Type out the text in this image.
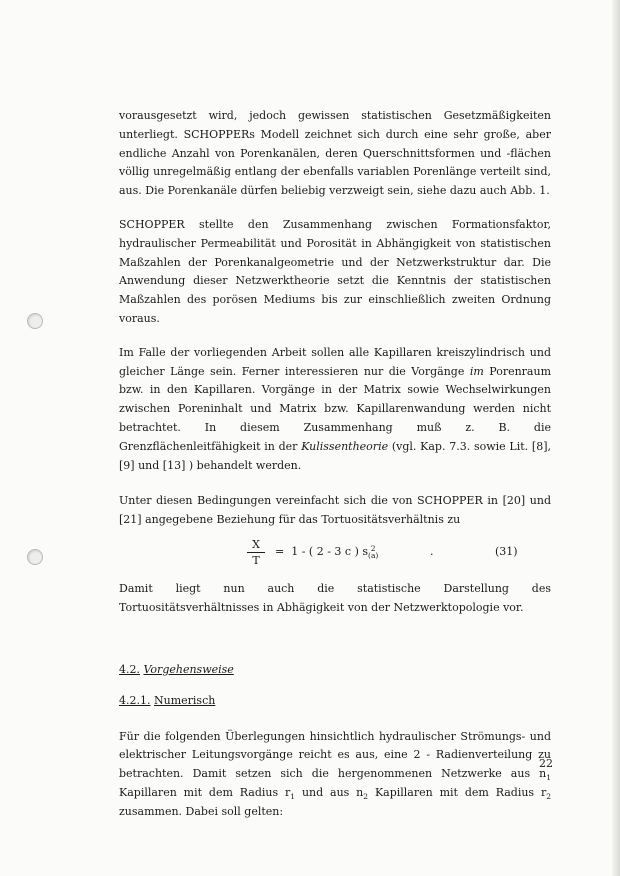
vorausgesetzt wird, jedoch gewissen statistischen Gesetzmäßigkeiten unterliegt. SCHOPPERs Modell zeichnet sich durch eine sehr große, aber endliche Anzahl von Porenkanälen, deren Querschnittsformen und -flächen völlig unregelmäßig entlang der ebenfalls variablen Porenlänge verteilt sind, aus. Die Porenkanäle dürfen beliebig verzweigt sein, siehe dazu auch Abb. 1.

SCHOPPER stellte den Zusammenhang zwischen Formationsfaktor, hydraulischer Permeabilität und Porosität in Abhängigkeit von statistischen Maßzahlen der Porenkanalgeometrie und der Netzwerkstruktur dar. Die Anwendung dieser Netzwerktheorie setzt die Kenntnis der statistischen Maßzahlen des porösen Mediums bis zur einschließlich zweiten Ordnung voraus.

Im Falle der vorliegenden Arbeit sollen alle Kapillaren kreiszylindrisch und gleicher Länge sein. Ferner interessieren nur die Vorgänge im Porenraum bzw. in den Kapillaren. Vorgänge in der Matrix sowie Wechselwirkungen zwischen Poreninhalt und Matrix bzw. Kapillarenwandung werden nicht betrachtet. In diesem Zusammenhang muß z. B. die Grenzflächenleitfähigkeit in der Kulissentheorie (vgl. Kap. 7.3. sowie Lit. [8], [9] und [13] ) behandelt werden.

Unter diesen Bedingungen vereinfacht sich die von SCHOPPER in [20] und [21] angegebene Beziehung für das Tortuositätsverhältnis zu

X
T
= 1 - ( 2 - 3 c ) s 2
(a)	.	(31)

Damit liegt nun auch die statistische Darstellung des Tortuositätsverhältnisses in Abhägigkeit von der Netzwerktopologie vor.

4.2. Vorgehensweise
4.2.1. Numerisch

Für die folgenden Überlegungen hinsichtlich hydraulischer Strömungs- und elektrischer Leitungsvorgänge reicht es aus, eine 2 - Radienverteilung zu betrachten. Damit setzen sich die hergenommenen Netzwerke aus $n_1$ Kapillaren mit dem Radius $r_1$ und aus $n_2$ Kapillaren mit dem Radius $r_2$ zusammen. Dabei soll gelten:

22
